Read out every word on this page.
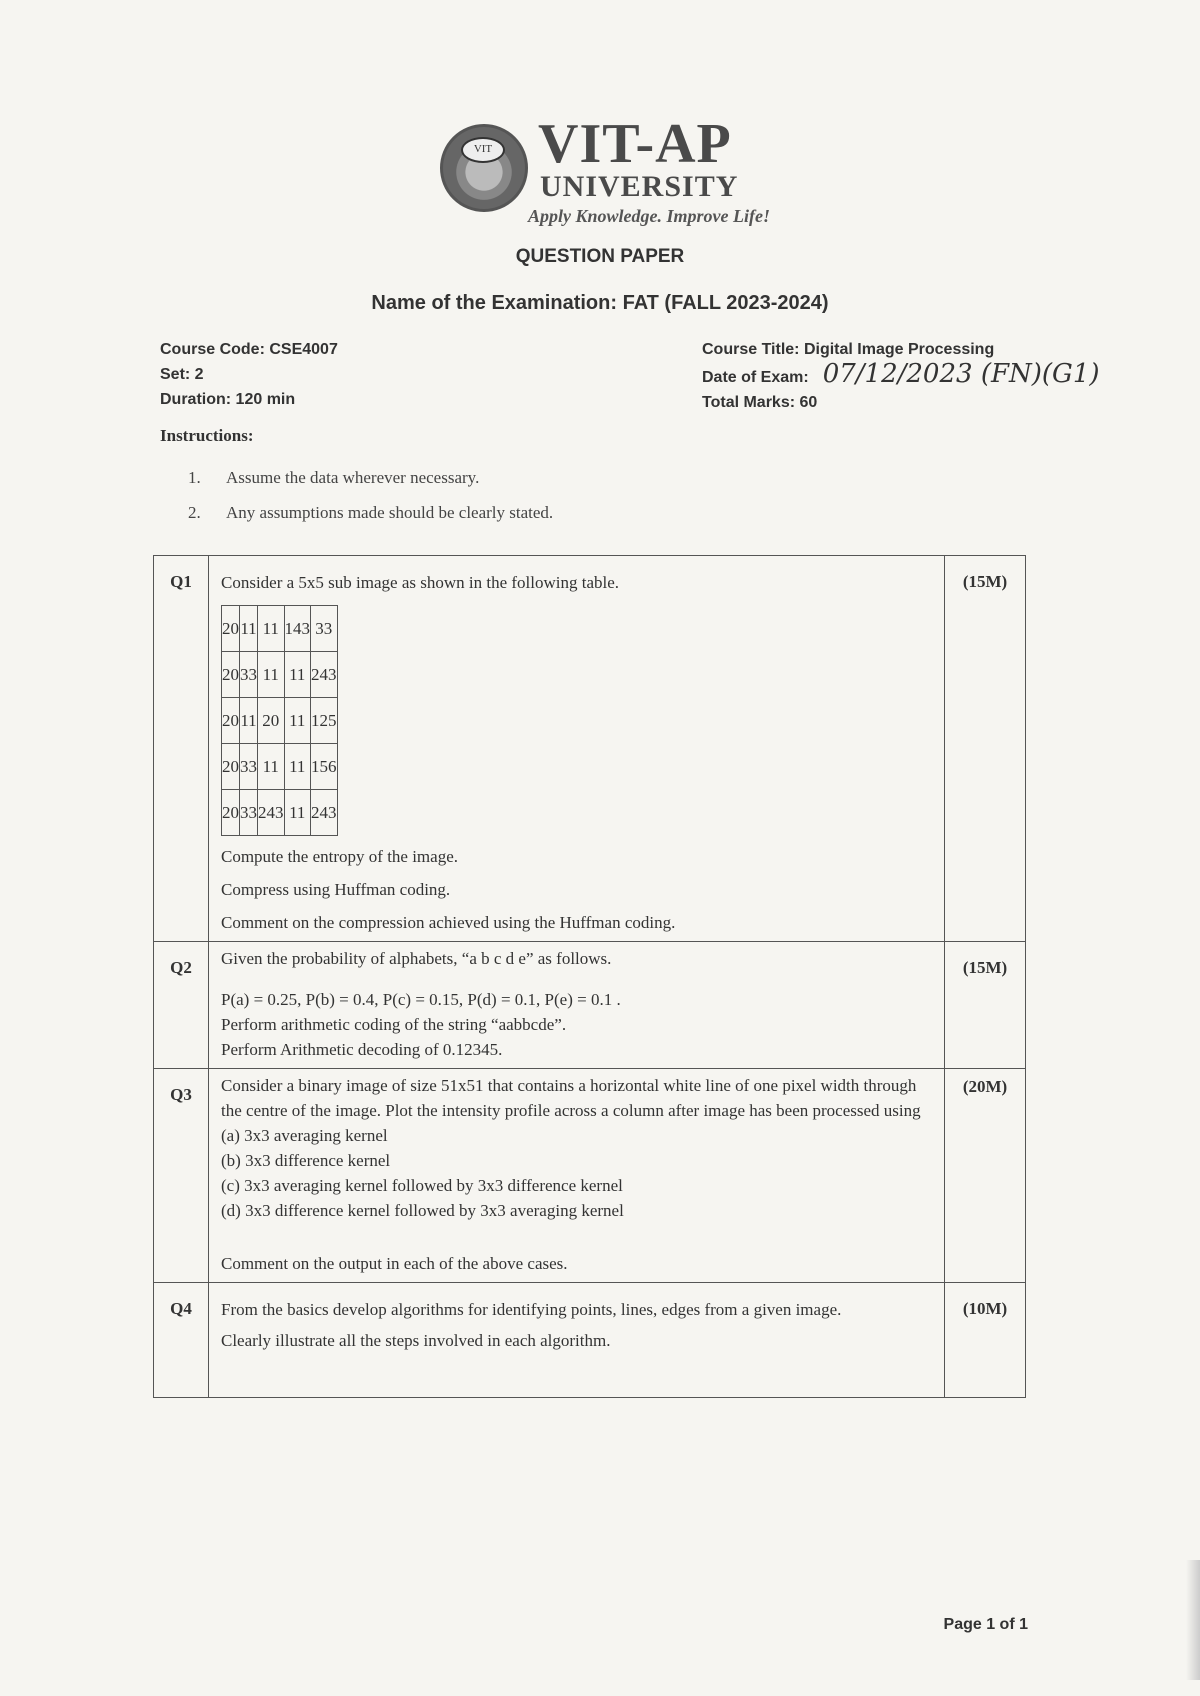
VIT VIT-AP
UNIVERSITY
Apply Knowledge. Improve Life!
QUESTION PAPER
Name of the Examination: FAT (FALL 2023-2024)
Course Code: CSE4007
Set: 2
Duration: 120 min
Course Title: Digital Image Processing
Date of Exam: 07/12/2023 (FN)(G1)
Total Marks: 60
Instructions:
1. Assume the data wherever necessary.
2. Any assumptions made should be clearly stated.
Q1	Consider a 5x5 sub image as shown in the following table.
20	11	11	143	33
20	33	11	11	243
20	11	20	11	125
20	33	11	11	156
20	33	243	11	243
Compute the entropy of the image.
Compress using Huffman coding.
Comment on the compression achieved using the Huffman coding.
	(15M)
Q2	Given the probability of alphabets, “a b c d e” as follows.
P(a) = 0.25, P(b) = 0.4, P(c) = 0.15, P(d) = 0.1, P(e) = 0.1 .
Perform arithmetic coding of the string “aabbcde”.
Perform Arithmetic decoding of 0.12345.
	(15M)
Q3	Consider a binary image of size 51x51 that contains a horizontal white line of one pixel width through the centre of the image. Plot the intensity profile across a column after image has been processed using
(a) 3x3 averaging kernel
(b) 3x3 difference kernel
(c) 3x3 averaging kernel followed by 3x3 difference kernel
(d) 3x3 difference kernel followed by 3x3 averaging kernel
Comment on the output in each of the above cases.
	(20M)
Q4	From the basics develop algorithms for identifying points, lines, edges from a given image.
Clearly illustrate all the steps involved in each algorithm.
	(10M)
Page 1 of 1
